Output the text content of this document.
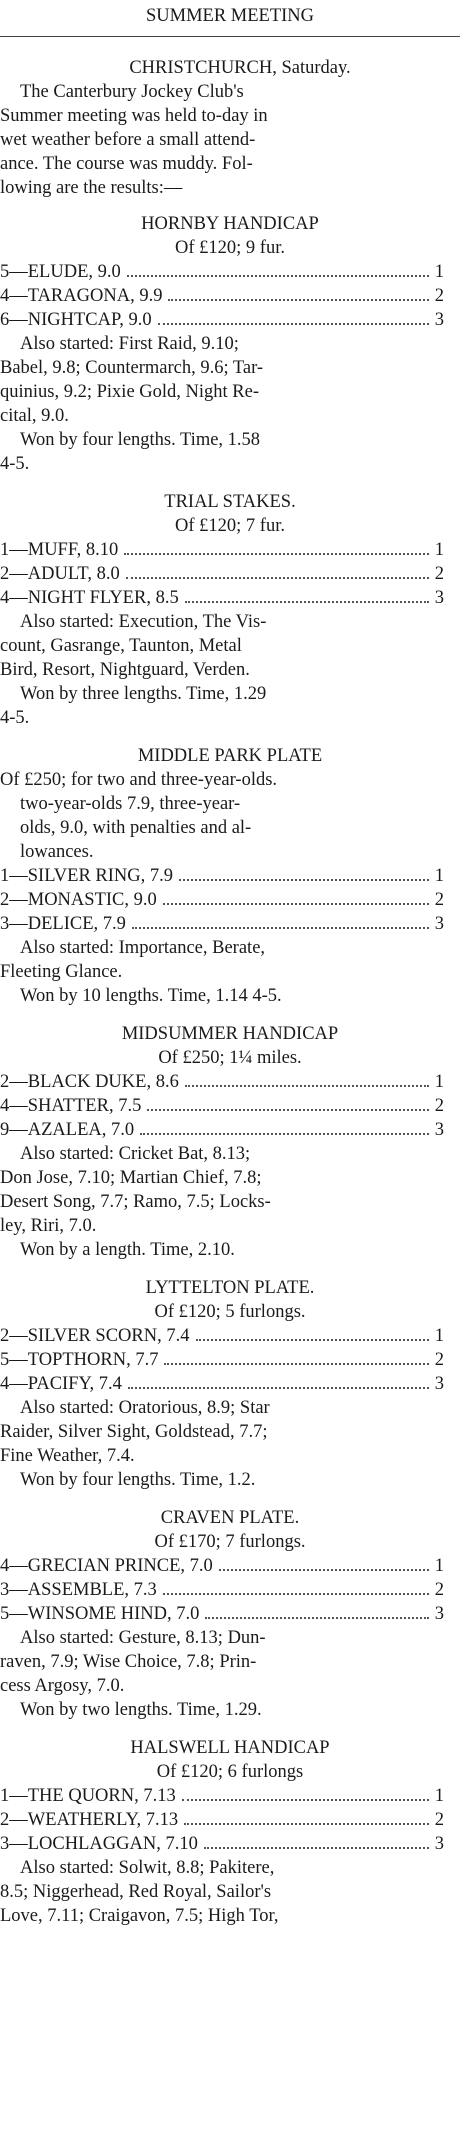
SUMMER MEETING
CHRISTCHURCH, Saturday.
The Canterbury Jockey Club's
Summer meeting was held to-day in
wet weather before a small attend-
ance. The course was muddy. Fol-
lowing are the results:—
HORNBY HANDICAP
Of £120; 9 fur.
5—ELUDE, 9.0	1
4—TARAGONA, 9.9	2
6—NIGHTCAP, 9.0	3
Also started: First Raid, 9.10;
Babel, 9.8; Countermarch, 9.6; Tar-
quinius, 9.2; Pixie Gold, Night Re-
cital, 9.0.
Won by four lengths. Time, 1.58
4-5.
TRIAL STAKES.
Of £120; 7 fur.
1—MUFF, 8.10	1
2—ADULT, 8.0	2
4—NIGHT FLYER, 8.5	3
Also started: Execution, The Vis-
count, Gasrange, Taunton, Metal
Bird, Resort, Nightguard, Verden.
Won by three lengths. Time, 1.29
4-5.
MIDDLE PARK PLATE
Of £250; for two and three-year-olds.
two-year-olds 7.9, three-year-
olds, 9.0, with penalties and al-
lowances.
1—SILVER RING, 7.9	1
2—MONASTIC, 9.0	2
3—DELICE, 7.9	3
Also started: Importance, Berate,
Fleeting Glance.
Won by 10 lengths. Time, 1.14 4-5.
MIDSUMMER HANDICAP
Of £250; 1¼ miles.
2—BLACK DUKE, 8.6	1
4—SHATTER, 7.5	2
9—AZALEA, 7.0	3
Also started: Cricket Bat, 8.13;
Don Jose, 7.10; Martian Chief, 7.8;
Desert Song, 7.7; Ramo, 7.5; Locks-
ley, Riri, 7.0.
Won by a length. Time, 2.10.
LYTTELTON PLATE.
Of £120; 5 furlongs.
2—SILVER SCORN, 7.4	1
5—TOPTHORN, 7.7	2
4—PACIFY, 7.4	3
Also started: Oratorious, 8.9; Star
Raider, Silver Sight, Goldstead, 7.7;
Fine Weather, 7.4.
Won by four lengths. Time, 1.2.
CRAVEN PLATE.
Of £170; 7 furlongs.
4—GRECIAN PRINCE, 7.0	1
3—ASSEMBLE, 7.3	2
5—WINSOME HIND, 7.0	3
Also started: Gesture, 8.13; Dun-
raven, 7.9; Wise Choice, 7.8; Prin-
cess Argosy, 7.0.
Won by two lengths. Time, 1.29.
HALSWELL HANDICAP
Of £120; 6 furlongs
1—THE QUORN, 7.13	1
2—WEATHERLY, 7.13	2
3—LOCHLAGGAN, 7.10	3
Also started: Solwit, 8.8; Pakitere,
8.5; Niggerhead, Red Royal, Sailor's
Love, 7.11; Craigavon, 7.5; High Tor,
